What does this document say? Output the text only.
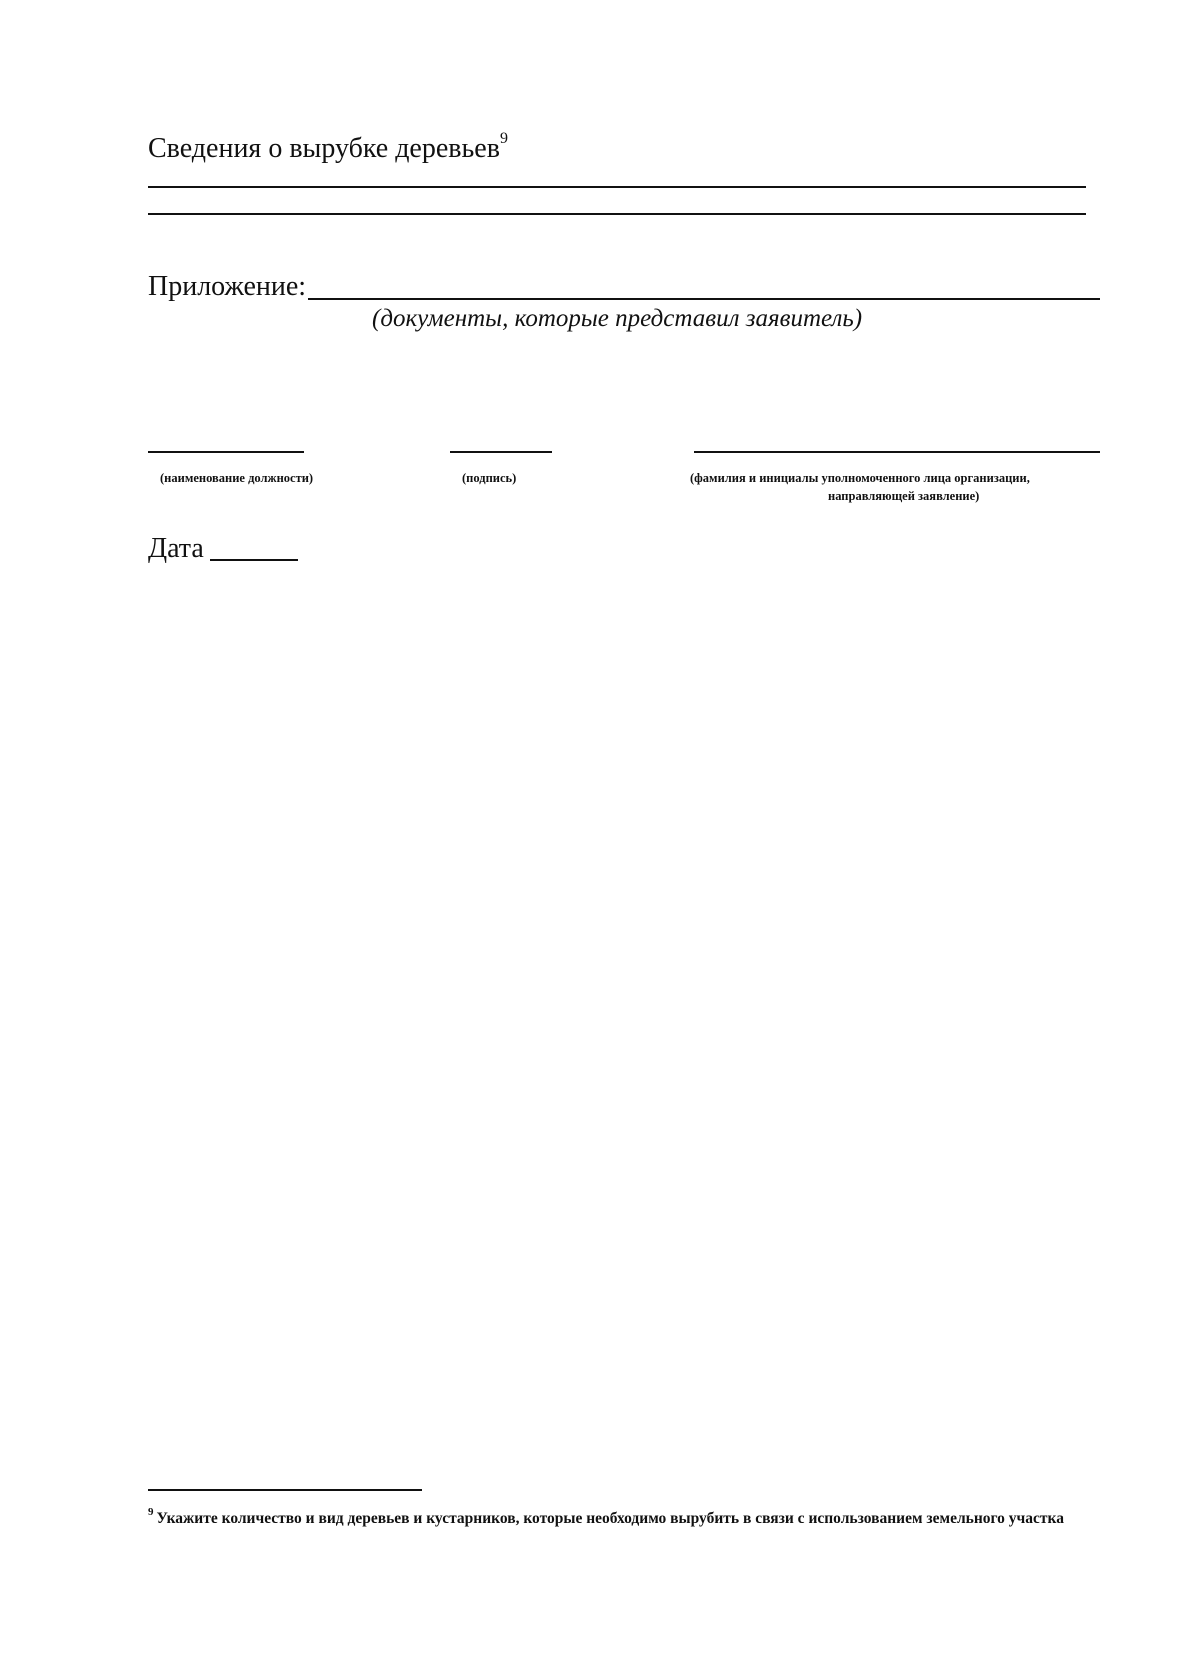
Сведения о вырубке деревьев$^9$
Приложение:
(документы, которые представил заявитель)
(наименование должности)	(подпись)	(фамилия и инициалы уполномоченного лица организации,
направляющей заявление)
Дата
$^9$ Укажите количество и вид деревьев и кустарников, которые необходимо вырубить в связи с использованием земельного участка
